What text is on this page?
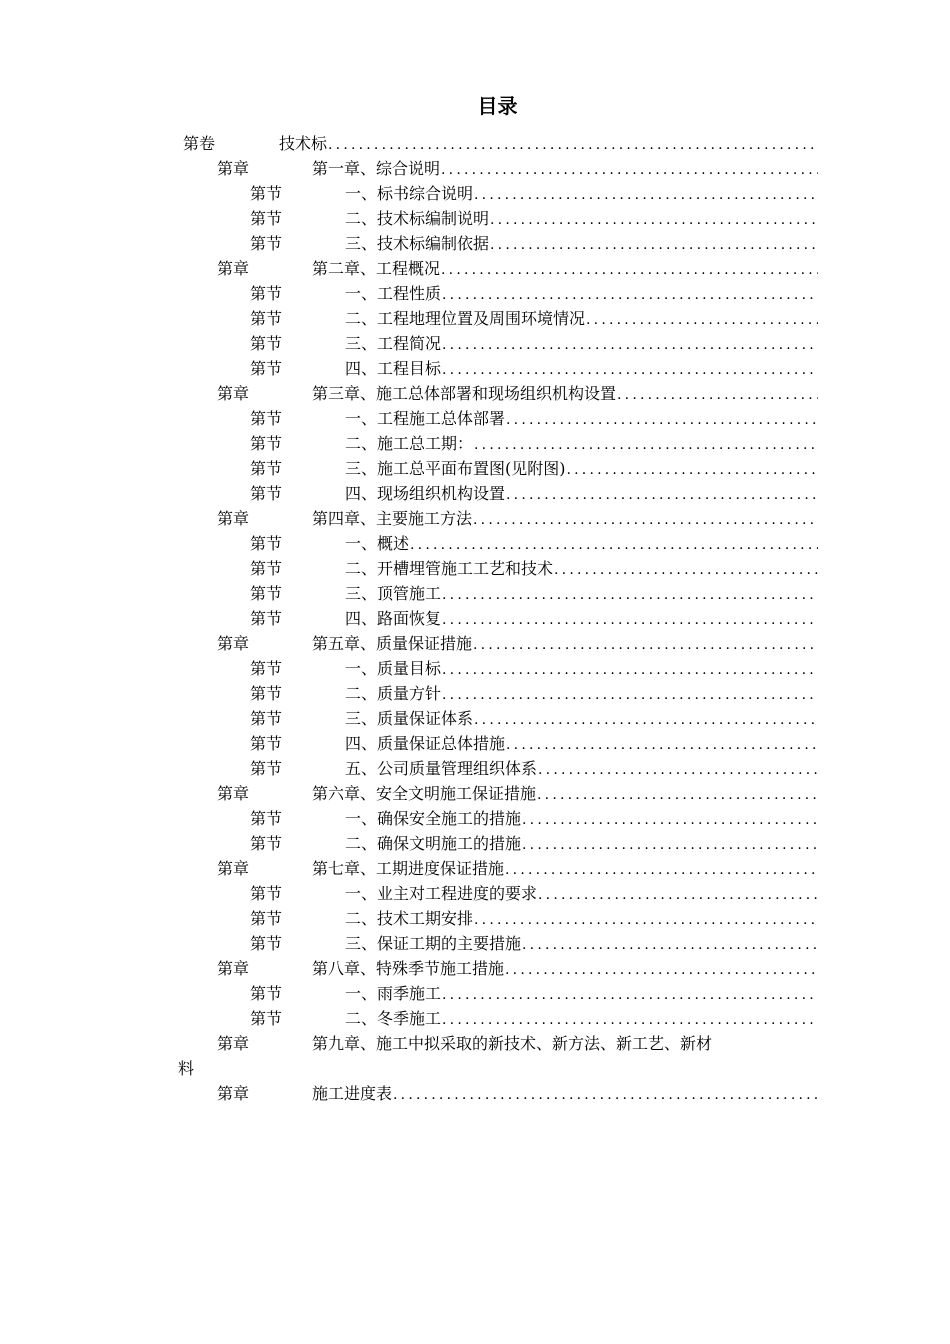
目录
第卷	技术标
.....
第章	第一章、综合说明
.....
第节	一、标书综合说明
.....
第节	二、技术标编制说明
.....
第节	三、技术标编制依据
.....
第章	第二章、工程概况
.....
第节	一、工程性质
.....
第节	二、工程地理位置及周围环境情况
.....
第节	三、工程简况
.....
第节	四、工程目标
.....
第章	第三章、施工总体部署和现场组织机构设置
.....
第节	一、工程施工总体部署
.....
第节	二、施工总工期：
.....
第节	三、施工总平面布置图(见附图)
.....
第节	四、现场组织机构设置
.....
第章	第四章、主要施工方法
.....
第节	一、概述
.....
第节	二、开槽埋管施工工艺和技术
.....
第节	三、顶管施工
.....
第节	四、路面恢复
.....
第章	第五章、质量保证措施
.....
第节	一、质量目标
.....
第节	二、质量方针
.....
第节	三、质量保证体系
.....
第节	四、质量保证总体措施
.....
第节	五、公司质量管理组织体系
.....
第章	第六章、安全文明施工保证措施
.....
第节	一、确保安全施工的措施
.....
第节	二、确保文明施工的措施
.....
第章	第七章、工期进度保证措施
.....
第节	一、业主对工程进度的要求
.....
第节	二、技术工期安排
.....
第节	三、保证工期的主要措施
.....
第章	第八章、特殊季节施工措施
.....
第节	一、雨季施工
.....
第节	二、冬季施工
.....
第章	第九章、施工中拟采取的新技术、新方法、新工艺、新材
料
第章	施工进度表
.....
